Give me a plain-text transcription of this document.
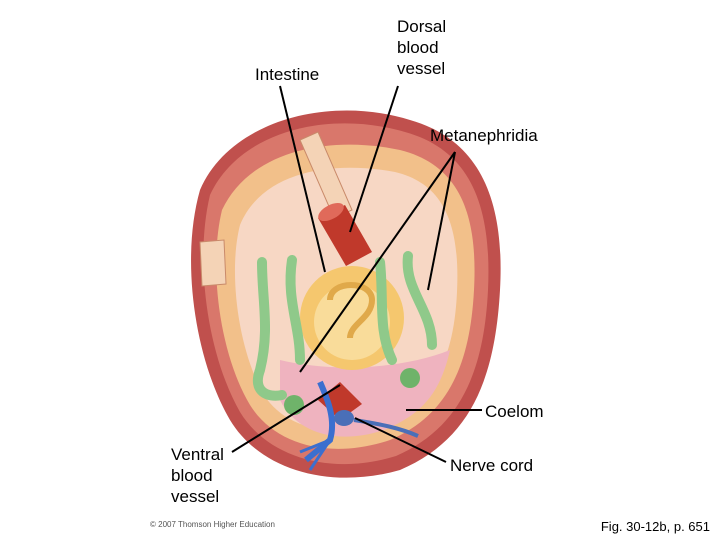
Intestine
Dorsal
blood
vessel
Metanephridia
Coelom
Ventral
blood
vessel
Nerve cord
© 2007 Thomson Higher Education	Fig. 30-12b, p. 651
